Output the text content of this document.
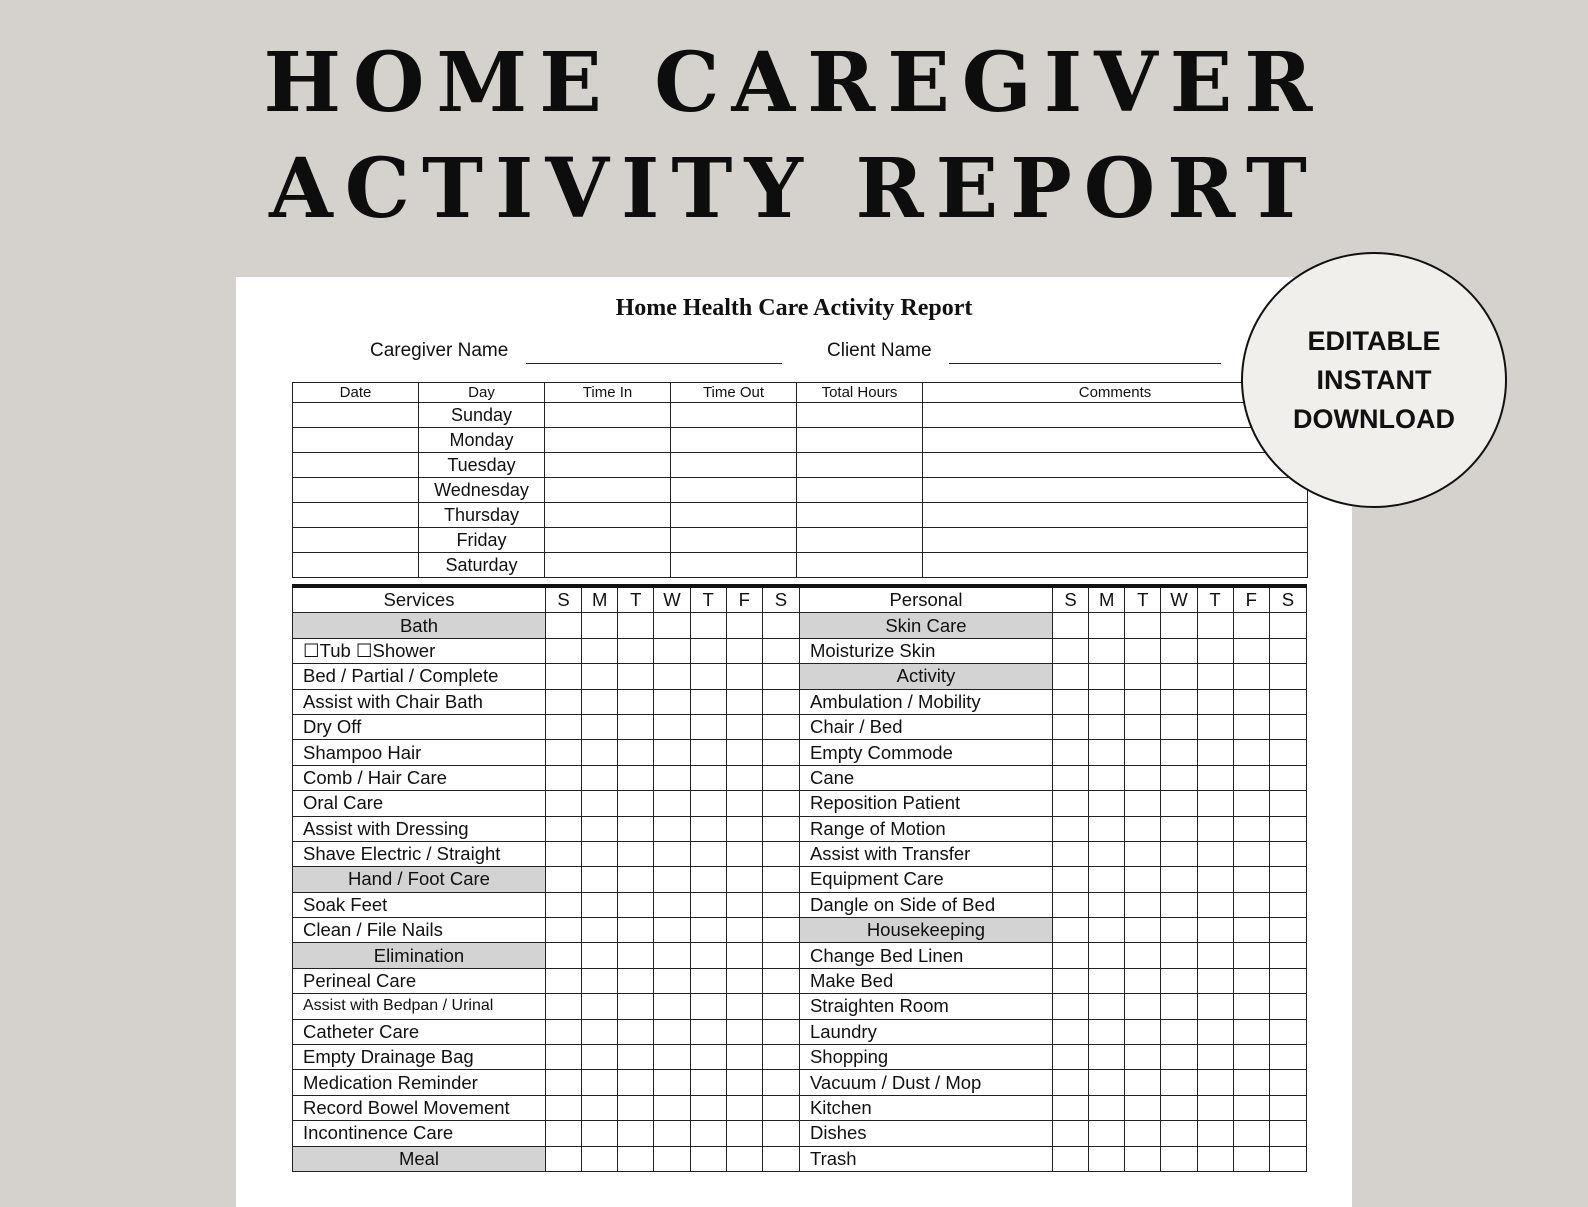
HOME CAREGIVER
ACTIVITY REPORT
Home Health Care Activity Report
Caregiver Name	Client Name
Date	Day	Time In	Time Out	Total Hours	Comments
	Sunday				
	Monday				
	Tuesday				
	Wednesday				
	Thursday				
	Friday				
	Saturday				
Services	S	M	T	W	T	F	S	Personal	S	M	T	W	T	F	S
Bath								Skin Care							
☐Tub ☐Shower								Moisturize Skin							
Bed / Partial / Complete								Activity							
Assist with Chair Bath								Ambulation / Mobility							
Dry Off								Chair / Bed							
Shampoo Hair								Empty Commode							
Comb / Hair Care								Cane							
Oral Care								Reposition Patient							
Assist with Dressing								Range of Motion							
Shave Electric / Straight								Assist with Transfer							
Hand / Foot Care								Equipment Care							
Soak Feet								Dangle on Side of Bed							
Clean / File Nails								Housekeeping							
Elimination								Change Bed Linen							
Perineal Care								Make Bed							
Assist with Bedpan / Urinal								Straighten Room							
Catheter Care								Laundry							
Empty Drainage Bag								Shopping							
Medication Reminder								Vacuum / Dust / Mop							
Record Bowel Movement								Kitchen							
Incontinence Care								Dishes							
Meal								Trash							
EDITABLE
INSTANT
DOWNLOAD
